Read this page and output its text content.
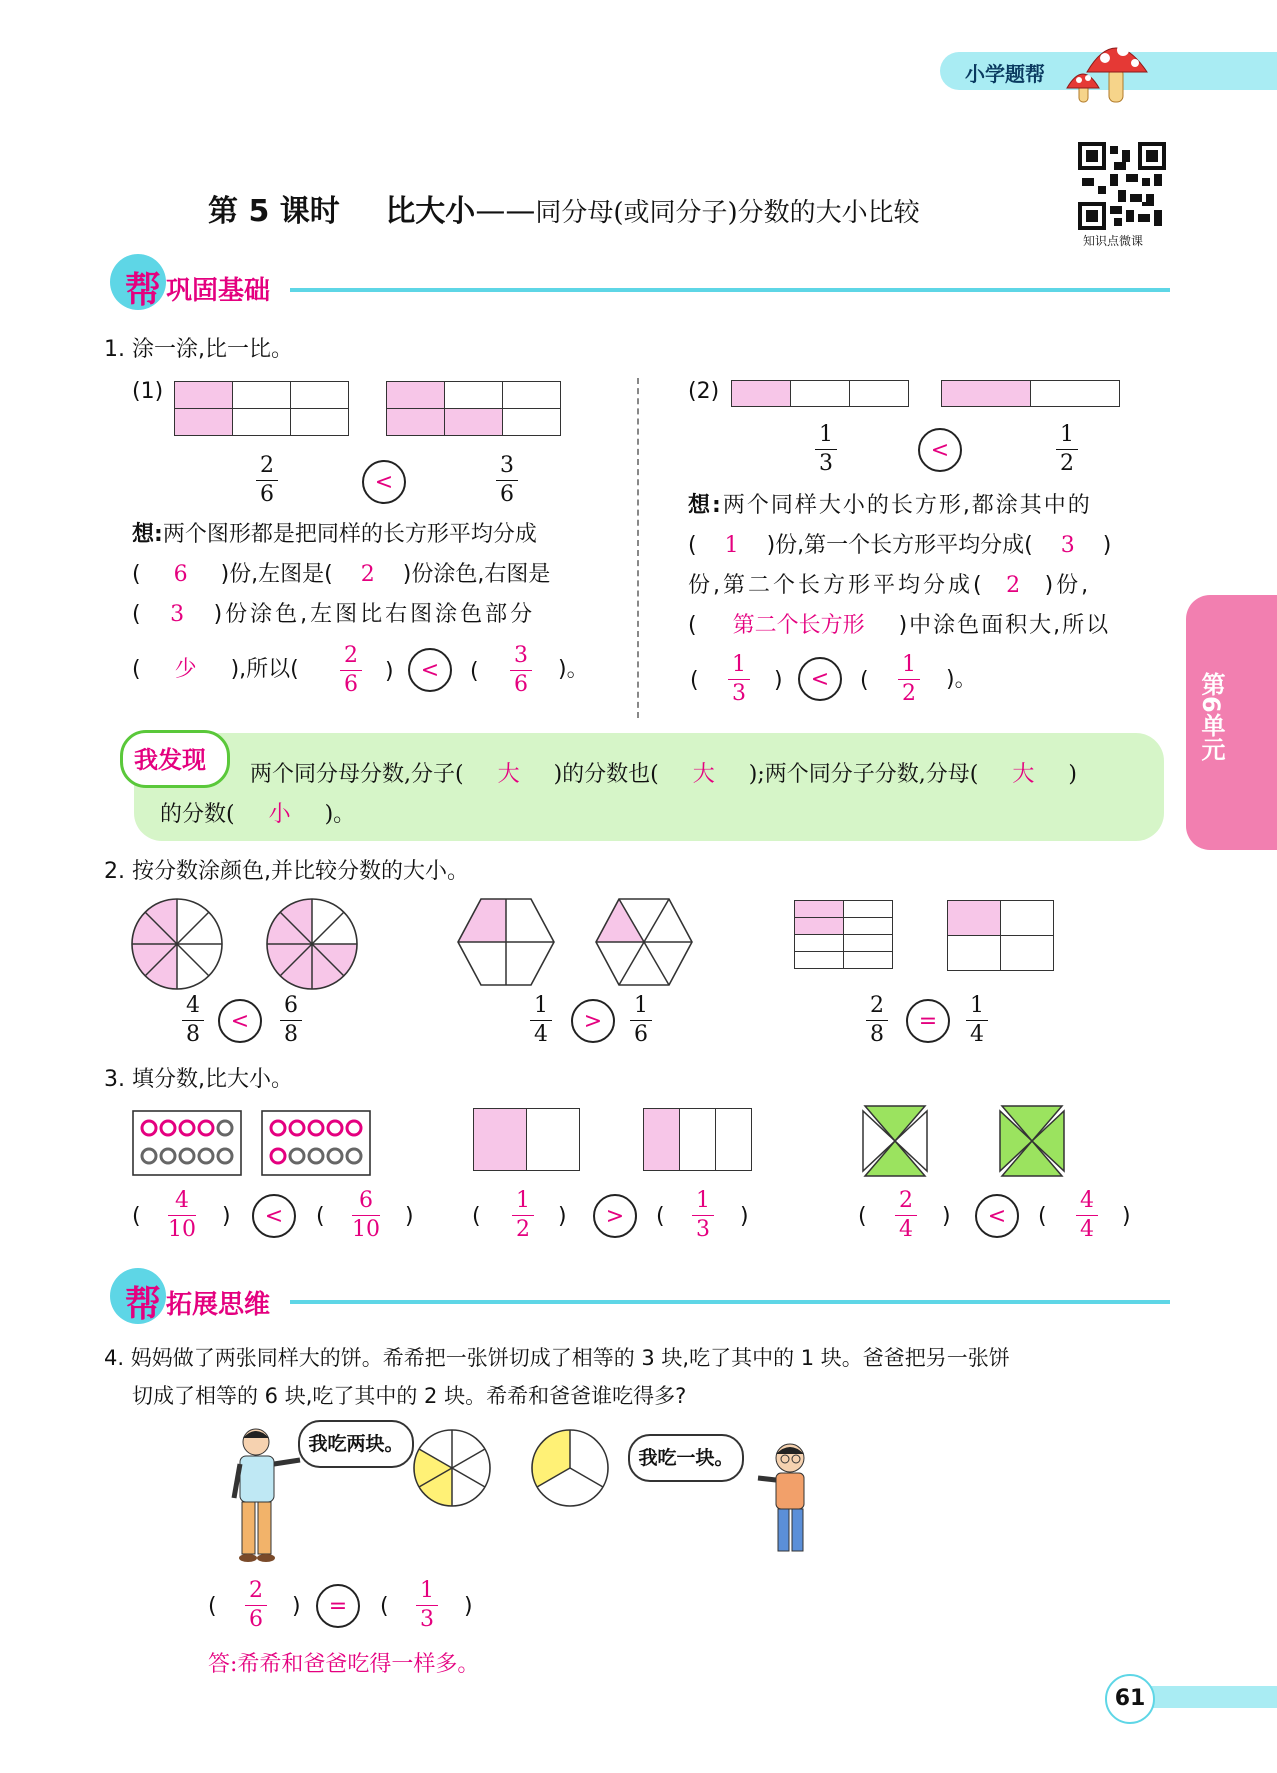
小学题帮
知识点微课
第 5 课时 比大小——同分母(或同分子)分数的大小比较
帮 巩固基础
1. 涂一涂,比一比。
(1)

2
6	<
3
6
想:两个图形都是把同样的长方形平均分成
( 6 )份,左图是( 2 )份涂色,右图是
( 3 )份涂色,左图比右图涂色部分
( 少 ),所以(
2
6
)	<	(
3
6
)。
(2)

1
3
<
1
2
想:两个同样大小的长方形,都涂其中的
( 1 )份,第一个长方形平均分成( 3 )
份,第二个长方形平均分成( 2 )份,
( 第二个长方形 )中涂色面积大,所以
(
1
3
)	<	(
1
2
)。	第6单元
我发现
两个同分母分数,分子( 大 )的分数也( 大 );两个同分子分数,分母( 大 )
的分数( 小 )。
2. 按分数涂颜色,并比较分数的大小。

4
8
<
6
8
1
4
>
1
6
2
8
=
1
4
3. 填分数,比大小。

(
4
10
)	<	(
6
10
)	(
1
2
)	>	(
1
3
)	(
2
4
)	<	(
4
4
)
帮 拓展思维
4. 妈妈做了两张同样大的饼。希希把一张饼切成了相等的 3 块,吃了其中的 1 块。爸爸把另一张饼
切成了相等的 6 块,吃了其中的 2 块。希希和爸爸谁吃得多?
我吃两块。
我吃一块。
(
2
6
)	=	(
1
3
)
答:希希和爸爸吃得一样多。
61
